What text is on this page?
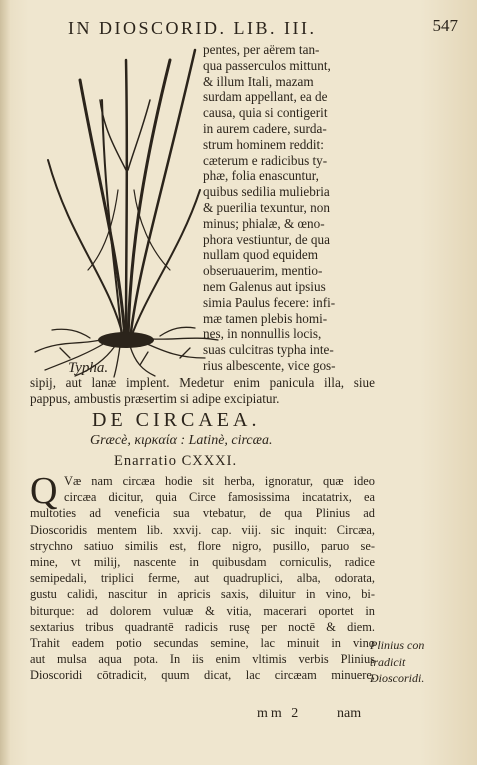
IN DIOSCORID. LIB. III.	547
Typha.
pentes, per aërem tan-
qua passerculos mittunt,
& illum Itali, mazam
surdam appellant, ea de
causa, quia si contigerit
in aurem cadere, surda-
strum hominem reddit:
cæterum e radicibus ty-
phæ, folia enascuntur,
quibus sedilia muliebria
& puerilia texuntur, non
minus; phialæ, & œno-
phora vestiuntur, de qua
nullam quod equidem
obseruauerim, mentio-
nem Galenus aut ipsius
simia Paulus fecere: infi-
mæ tamen plebis homi-
nes, in nonnullis locis,
suas culcitras typha inte-
rius albescente, vice gos-
sipij, aut lanæ implent. Medetur enim panicula illa, siue
pappus, ambustis præsertim si adipe excipiatur.
DE CIRCAEA.
Græcè, κιρκαία : Latinè, circæa.
Enarratio CXXXI.
Q Væ nam circæa hodie sit herba, ignoratur, quæ ideo
circæa dicitur, quia Circe famosissima incatatrix, ea
multoties ad veneficia sua vtebatur, de qua Plinius ad
Dioscoridis mentem lib. xxvij. cap. viij. sic inquit: Circæa,
strychno satiuo similis est, flore nigro, pusillo, paruo se-
mine, vt milij, nascente in quibusdam corniculis, radice
semipedali, triplici ferme, aut quadruplici, alba, odorata,
gustu calidi, nascitur in apricis saxis, diluitur in vino, bi-
biturque: ad dolorem vuluæ & vitia, macerari oportet in
sextarius tribus quadrantē radicis rusę per noctē & diem.
Trahit eadem potio secundas semine, lac minuit in vino
aut mulsa aqua pota. In iis enim vltimis verbis Plinius
Dioscoridi cōtradicit, quum dicat, lac circæam minuere,
Plinius con
tradicit
Dioscoridi.
mm 2	nam
